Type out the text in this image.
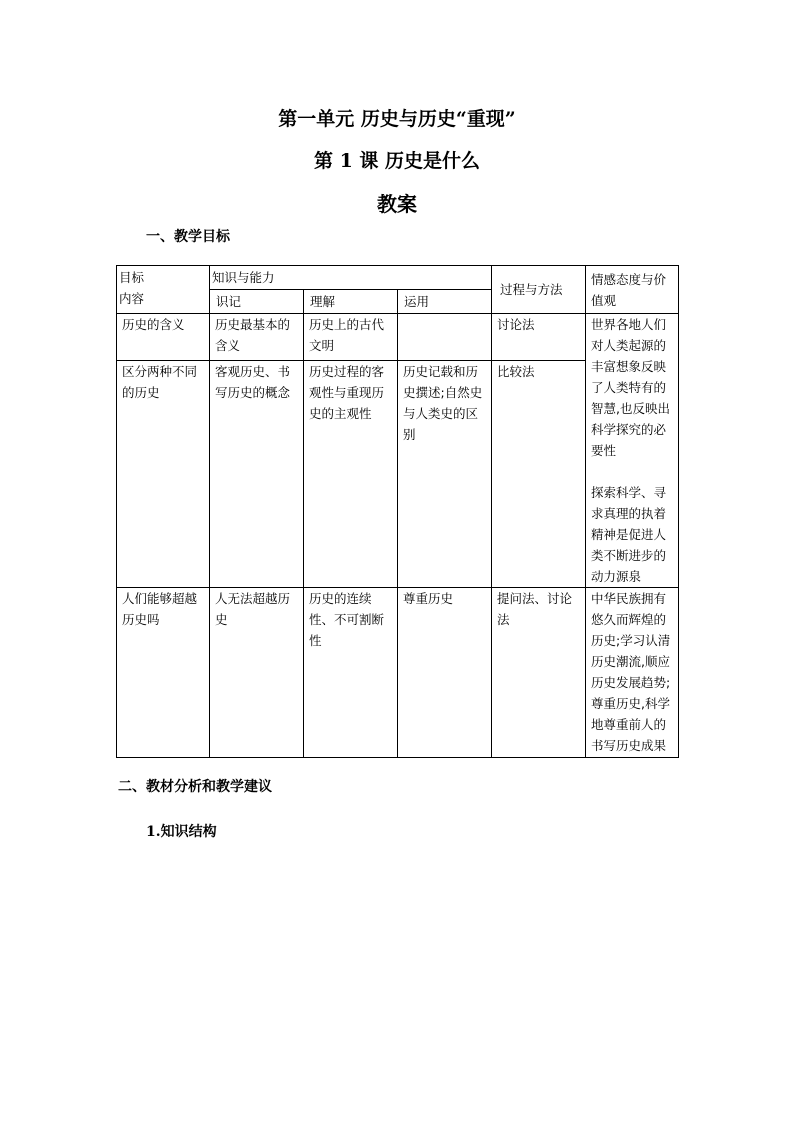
第一单元 历史与历史“重现”
第 1 课 历史是什么
教案
一、教学目标
目标
内容	知识与能力			过程与方法	情感态度与价值观
	识记	理解	运用		
历史的含义	历史最基本的含义	历史上的古代文明		讨论法	世界各地人们对人类起源的丰富想象反映了人类特有的智慧,也反映出科学探究的必要性
探索科学、寻求真理的执着精神是促进人类不断进步的动力源泉

区分两种不同的历史	客观历史、书写历史的概念	历史过程的客观性与重现历史的主观性	历史记载和历史撰述;自然史与人类史的区别	比较法	
人们能够超越历史吗	人无法超越历史	历史的连续性、不可割断性	尊重历史	提问法、讨论法	中华民族拥有悠久而辉煌的历史;学习认清历史潮流,顺应历史发展趋势;尊重历史,科学地尊重前人的书写历史成果
二、教材分析和教学建议
1.知识结构
